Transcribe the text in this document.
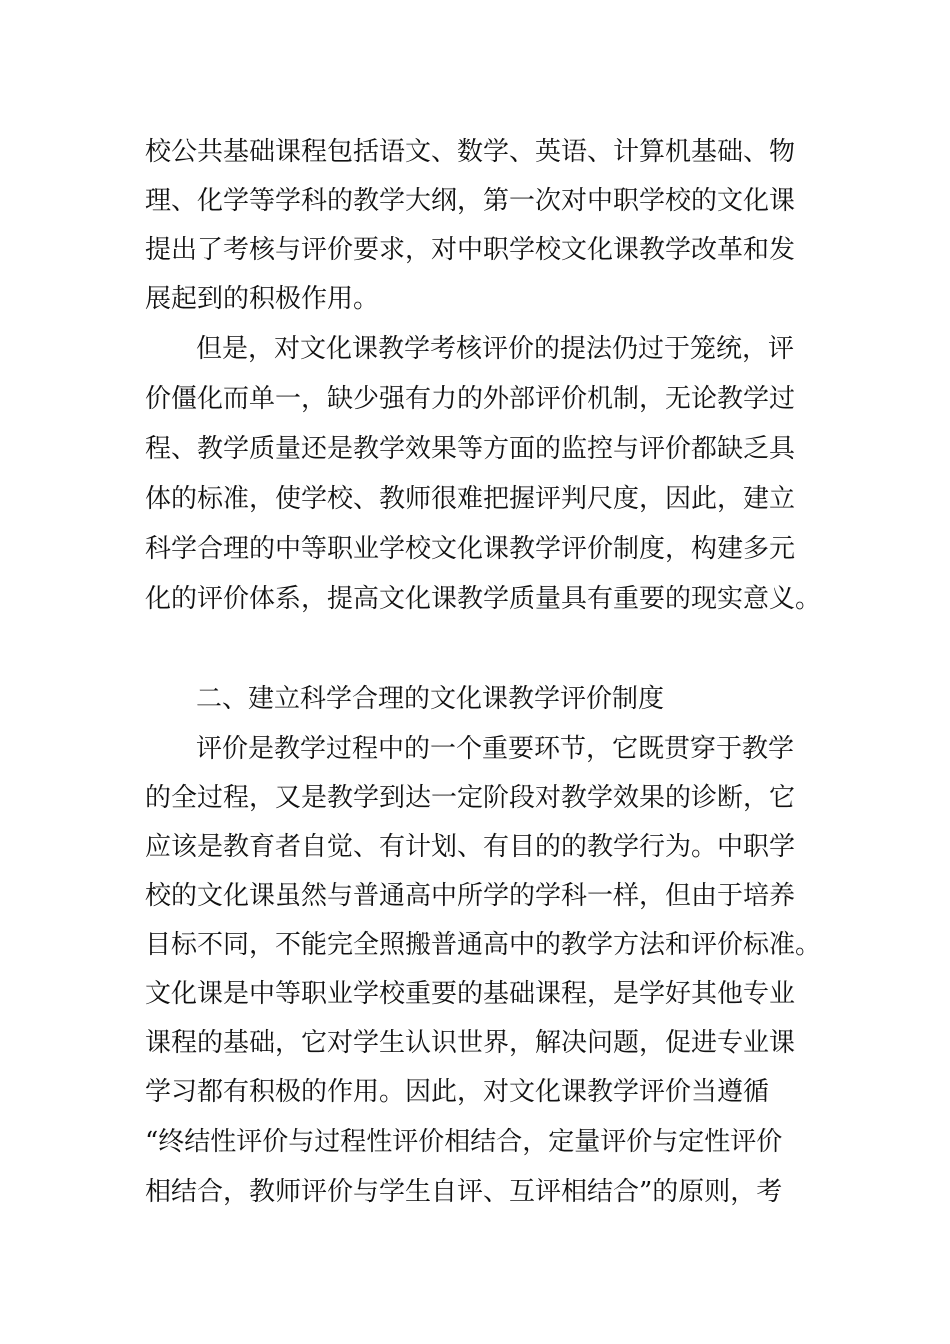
校公共基础课程包括语文、数学、英语、计算机基础、物
理、化学等学科的教学大纲，第一次对中职学校的文化课
提出了考核与评价要求，对中职学校文化课教学改革和发
展起到的积极作用。
但是，对文化课教学考核评价的提法仍过于笼统，评
价僵化而单一，缺少强有力的外部评价机制，无论教学过
程、教学质量还是教学效果等方面的监控与评价都缺乏具
体的标准，使学校、教师很难把握评判尺度，因此，建立
科学合理的中等职业学校文化课教学评价制度，构建多元
化的评价体系，提高文化课教学质量具有重要的现实意义。
二、建立科学合理的文化课教学评价制度
评价是教学过程中的一个重要环节，它既贯穿于教学
的全过程，又是教学到达一定阶段对教学效果的诊断，它
应该是教育者自觉、有计划、有目的的教学行为。中职学
校的文化课虽然与普通高中所学的学科一样，但由于培养
目标不同，不能完全照搬普通高中的教学方法和评价标准。
文化课是中等职业学校重要的基础课程，是学好其他专业
课程的基础，它对学生认识世界，解决问题，促进专业课
学习都有积极的作用。因此，对文化课教学评价当遵循
“终结性评价与过程性评价相结合，定量评价与定性评价
相结合，教师评价与学生自评、互评相结合”的原则，考
